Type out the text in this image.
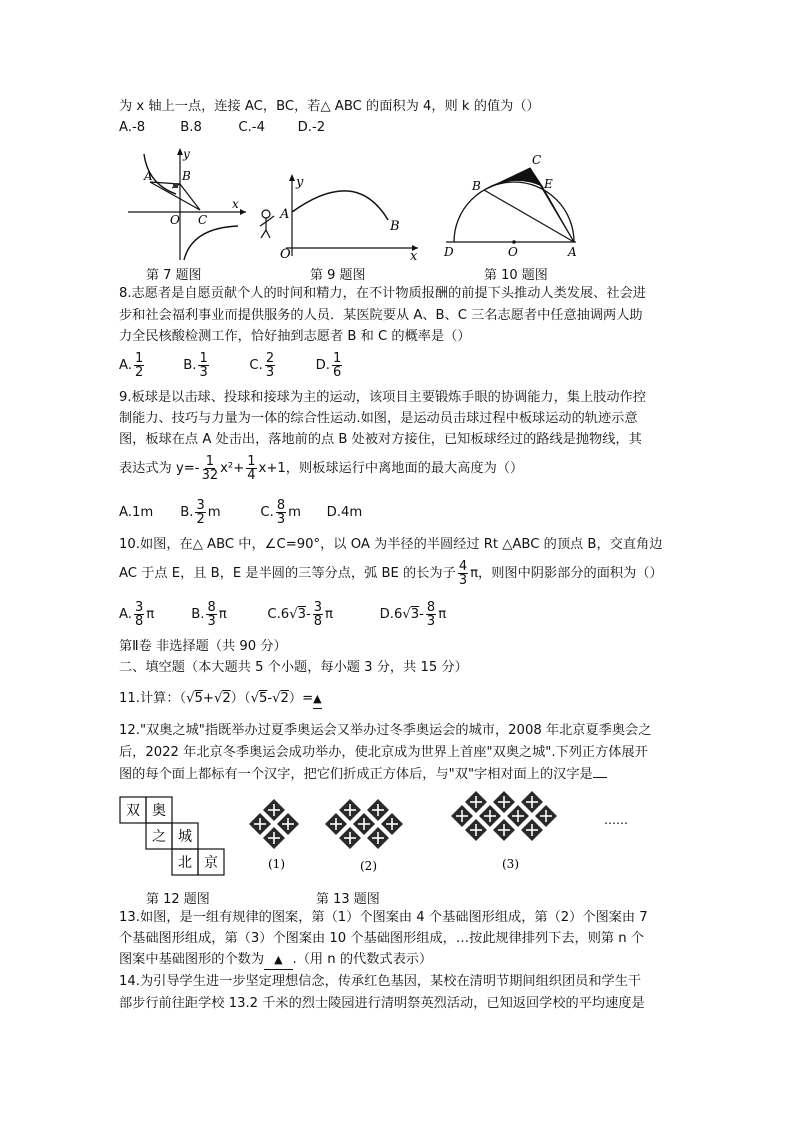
为 x 轴上一点，连接 AC，BC，若△ ABC 的面积为 4，则 k 的值为（）
A.-8	B.8	C.-4 D.-2
x
y
A B
O C
y
A
B
O	x
C
B	E
D	O	A
第 7 题图	第 9 题图	第 10 题图
8.志愿者是自愿贡献个人的时间和精力，在不计物质报酬的前提下头推动人类发展、社会进
步和社会福利事业而提供服务的人员．某医院要从 A、B、C 三名志愿者中任意抽调两人助
力全民核酸检测工作，恰好抽到志愿者 B 和 C 的概率是（）
A. $\frac{1}{2}$	B. $\frac{1}{3}$	C. $\frac{2}{3}$	D. $\frac{1}{6}$
9.板球是以击球、投球和接球为主的运动，该项目主要锻炼手眼的协调能力，集上肢动作控
制能力、技巧与力量为一体的综合性运动.如图，是运动员击球过程中板球运动的轨迹示意
图，板球在点 A 处击出，落地前的点 B 处被对方接住，已知板球经过的路线是抛物线，其
表达式为 $y=- \frac{1}{32} x^2+ \frac{1}{4} x+1$，则板球运行中离地面的最大高度为（）
A.1m B. $\frac{3}{2}$ m	C. $\frac{8}{3}$ m D.4m
10.如图，在△ ABC 中，∠C=90°，以 OA 为半径的半圆经过 Rt △ABC 的顶点 B，交直角边
AC 于点 E，且 B，E 是半圆的三等分点，弧 BE 的长为子 $\frac{4}{3}$ π，则图中阴影部分的面积为（）
A. $\frac{3}{8}$ π	B. $\frac{8}{3}$ π	$C.6√3- \frac{3}{8}$ π	$D.6√3- \frac{8}{3}$ π
第Ⅱ卷 非选择题（共 90 分）
二、填空题（本大题共 5 个小题，每小题 3 分，共 15 分）
11.计算：（√5+√2）（√5-√2）=▲
12."双奥之城"指既举办过夏季奥运会又举办过冬季奥运会的城市，2008 年北京夏季奥会之
后，2022 年北京冬季奥运会成功举办，使北京成为世界上首座"双奥之城".下列正方体展开
图的每个面上都标有一个汉字，把它们折成正方体后，与"双"字相对面上的汉字是
双 奥
之 城
北 京	(1)	(2)	(3)
……
第 12 题图	第 13 题图
13.如图，是一组有规律的图案，第（1）个图案由 4 个基础图形组成，第（2）个图案由 7
个基础图形组成，第（3）个图案由 10 个基础图形组成，…按此规律排列下去，则第 n 个
图案中基础图形的个数为 ▲ .（用 n 的代数式表示）
14.为引导学生进一步坚定理想信念，传承红色基因，某校在清明节期间组织团员和学生干
部步行前往距学校 13.2 千米的烈士陵园进行清明祭英烈活动，已知返回学校的平均速度是
